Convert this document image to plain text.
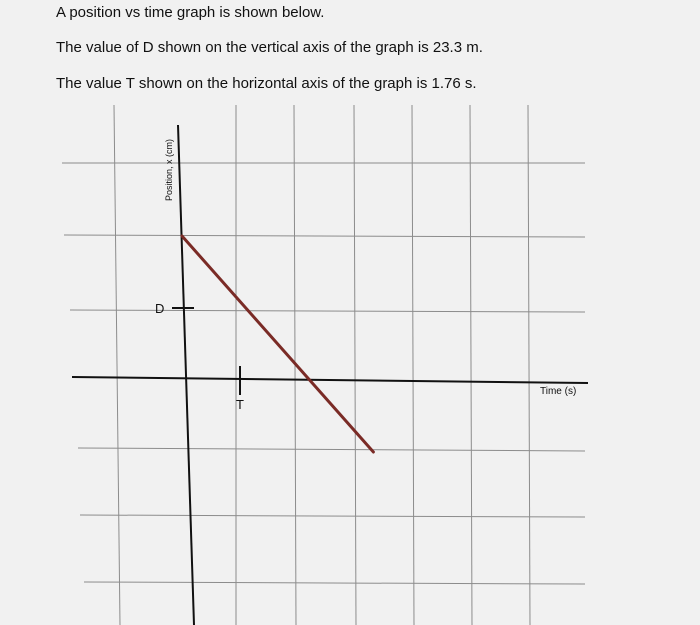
A position vs time graph is shown below.
The value of D shown on the vertical axis of the graph is 23.3 m.
The value T shown on the horizontal axis of the graph is 1.76 s.
Position, x (cm)
Time (s)
D
T
